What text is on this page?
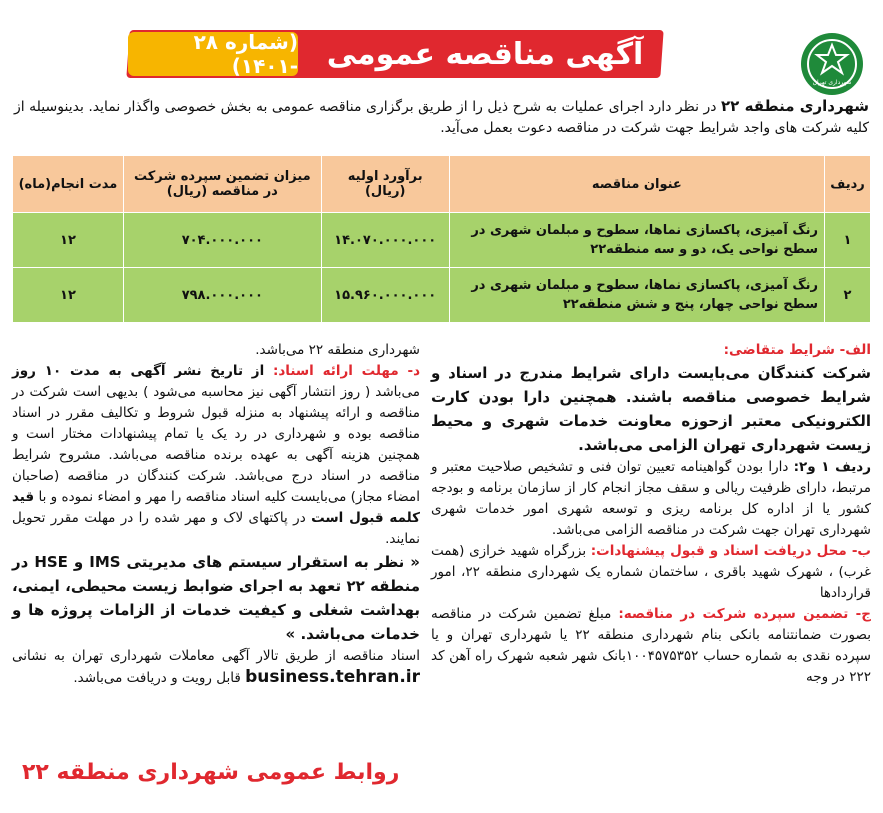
شهرداری تهران
آگهی مناقصه عمومی
(شماره ۲۸ -۱۴۰۱)
شهرداری منطقه ۲۲ در نظر دارد اجرای عملیات به شرح ذیل را از طریق برگزاری مناقصه عمومی به بخش خصوصی واگذار نماید. بدینوسیله از کلیه شرکت های واجد شرایط جهت شرکت در مناقصه دعوت بعمل می‌آید.
ردیف	عنوان مناقصه	برآورد اولیه (ریال)	میزان تضمین سپرده شرکت در مناقصه (ریال)	مدت انجام(ماه)
۱	رنگ آمیزی، پاکسازی نماها، سطوح و مبلمان شهری در سطح نواحی یک، دو و سه منطقه۲۲	۱۴.۰۷۰.۰۰۰.۰۰۰	۷۰۴.۰۰۰.۰۰۰	۱۲
۲	رنگ آمیزی، پاکسازی نماها، سطوح و مبلمان شهری در سطح نواحی چهار، پنج و شش منطقه۲۲	۱۵.۹۶۰.۰۰۰.۰۰۰	۷۹۸.۰۰۰.۰۰۰	۱۲

الف- شرایط متقاضی:

شرکت کنندگان می‌بایست دارای شرایط مندرج در اسناد و شرایط خصوصی مناقصه باشند. همچنین دارا بودن کارت الکترونیکی معتبر ازحوزه معاونت خدمات شهری و محیط زیست شهرداری تهران الزامی می‌باشد.

ردیف ۱ و۲: دارا بودن گواهینامه تعیین توان فنی و تشخیص صلاحیت معتبر و مرتبط، دارای ظرفیت ریالی و سقف مجاز انجام کار از سازمان برنامه و بودجه کشور یا از اداره کل برنامه ریزی و توسعه شهری امور خدمات شهری شهرداری تهران جهت شرکت در مناقصه الزامی می‌باشد.

ب- محل دریافت اسناد و قبول پیشنهادات: بزرگراه شهید خرازی (همت غرب) ، شهرک شهید باقری ، ساختمان شماره یک شهرداری منطقه ۲۲، امور قراردادها

ج- تضمین سپرده شرکت در مناقصه: مبلغ تضمین شرکت در مناقصه بصورت ضمانتنامه بانکی بنام شهرداری منطقه ۲۲ یا شهرداری تهران و یا سپرده نقدی به شماره حساب ۱۰۰۴۵۷۵۳۵۲بانک شهر شعبه شهرک راه آهن کد ۲۲۲ در وجه

شهرداری منطقه ۲۲ می‌باشد.

د- مهلت ارائه اسناد: از تاریخ نشر آگهی به مدت ۱۰ روز می‌باشد ( روز انتشار آگهی نیز محاسبه می‌شود ) بدیهی است شرکت در مناقصه و ارائه پیشنهاد به منزله قبول شروط و تکالیف مقرر در اسناد مناقصه بوده و شهرداری در رد یک یا تمام پیشنهادات مختار است و همچنین هزینه آگهی به عهده برنده مناقصه می‌باشد. مشروح شرایط مناقصه در اسناد درج می‌باشد. شرکت کنندگان در مناقصه (صاحبان امضاء مجاز) می‌بایست کلیه اسناد مناقصه را مهر و امضاء نموده و با قید کلمه قبول است در پاکتهای لاک و مهر شده را در مهلت مقرر تحویل نمایند.

« نظر به استقرار سیستم های مدیریتی IMS و HSE در منطقه ۲۲ تعهد به اجرای ضوابط زیست محیطی، ایمنی، بهداشت شغلی و کیفیت خدمات از الزامات پروژه ها و خدمات می‌باشد. »

اسناد مناقصه از طریق تالار آگهی معاملات شهرداری تهران به نشانی business.tehran.ir قابل رویت و دریافت می‌باشد.

روابط عمومی شهرداری منطقه ۲۲
